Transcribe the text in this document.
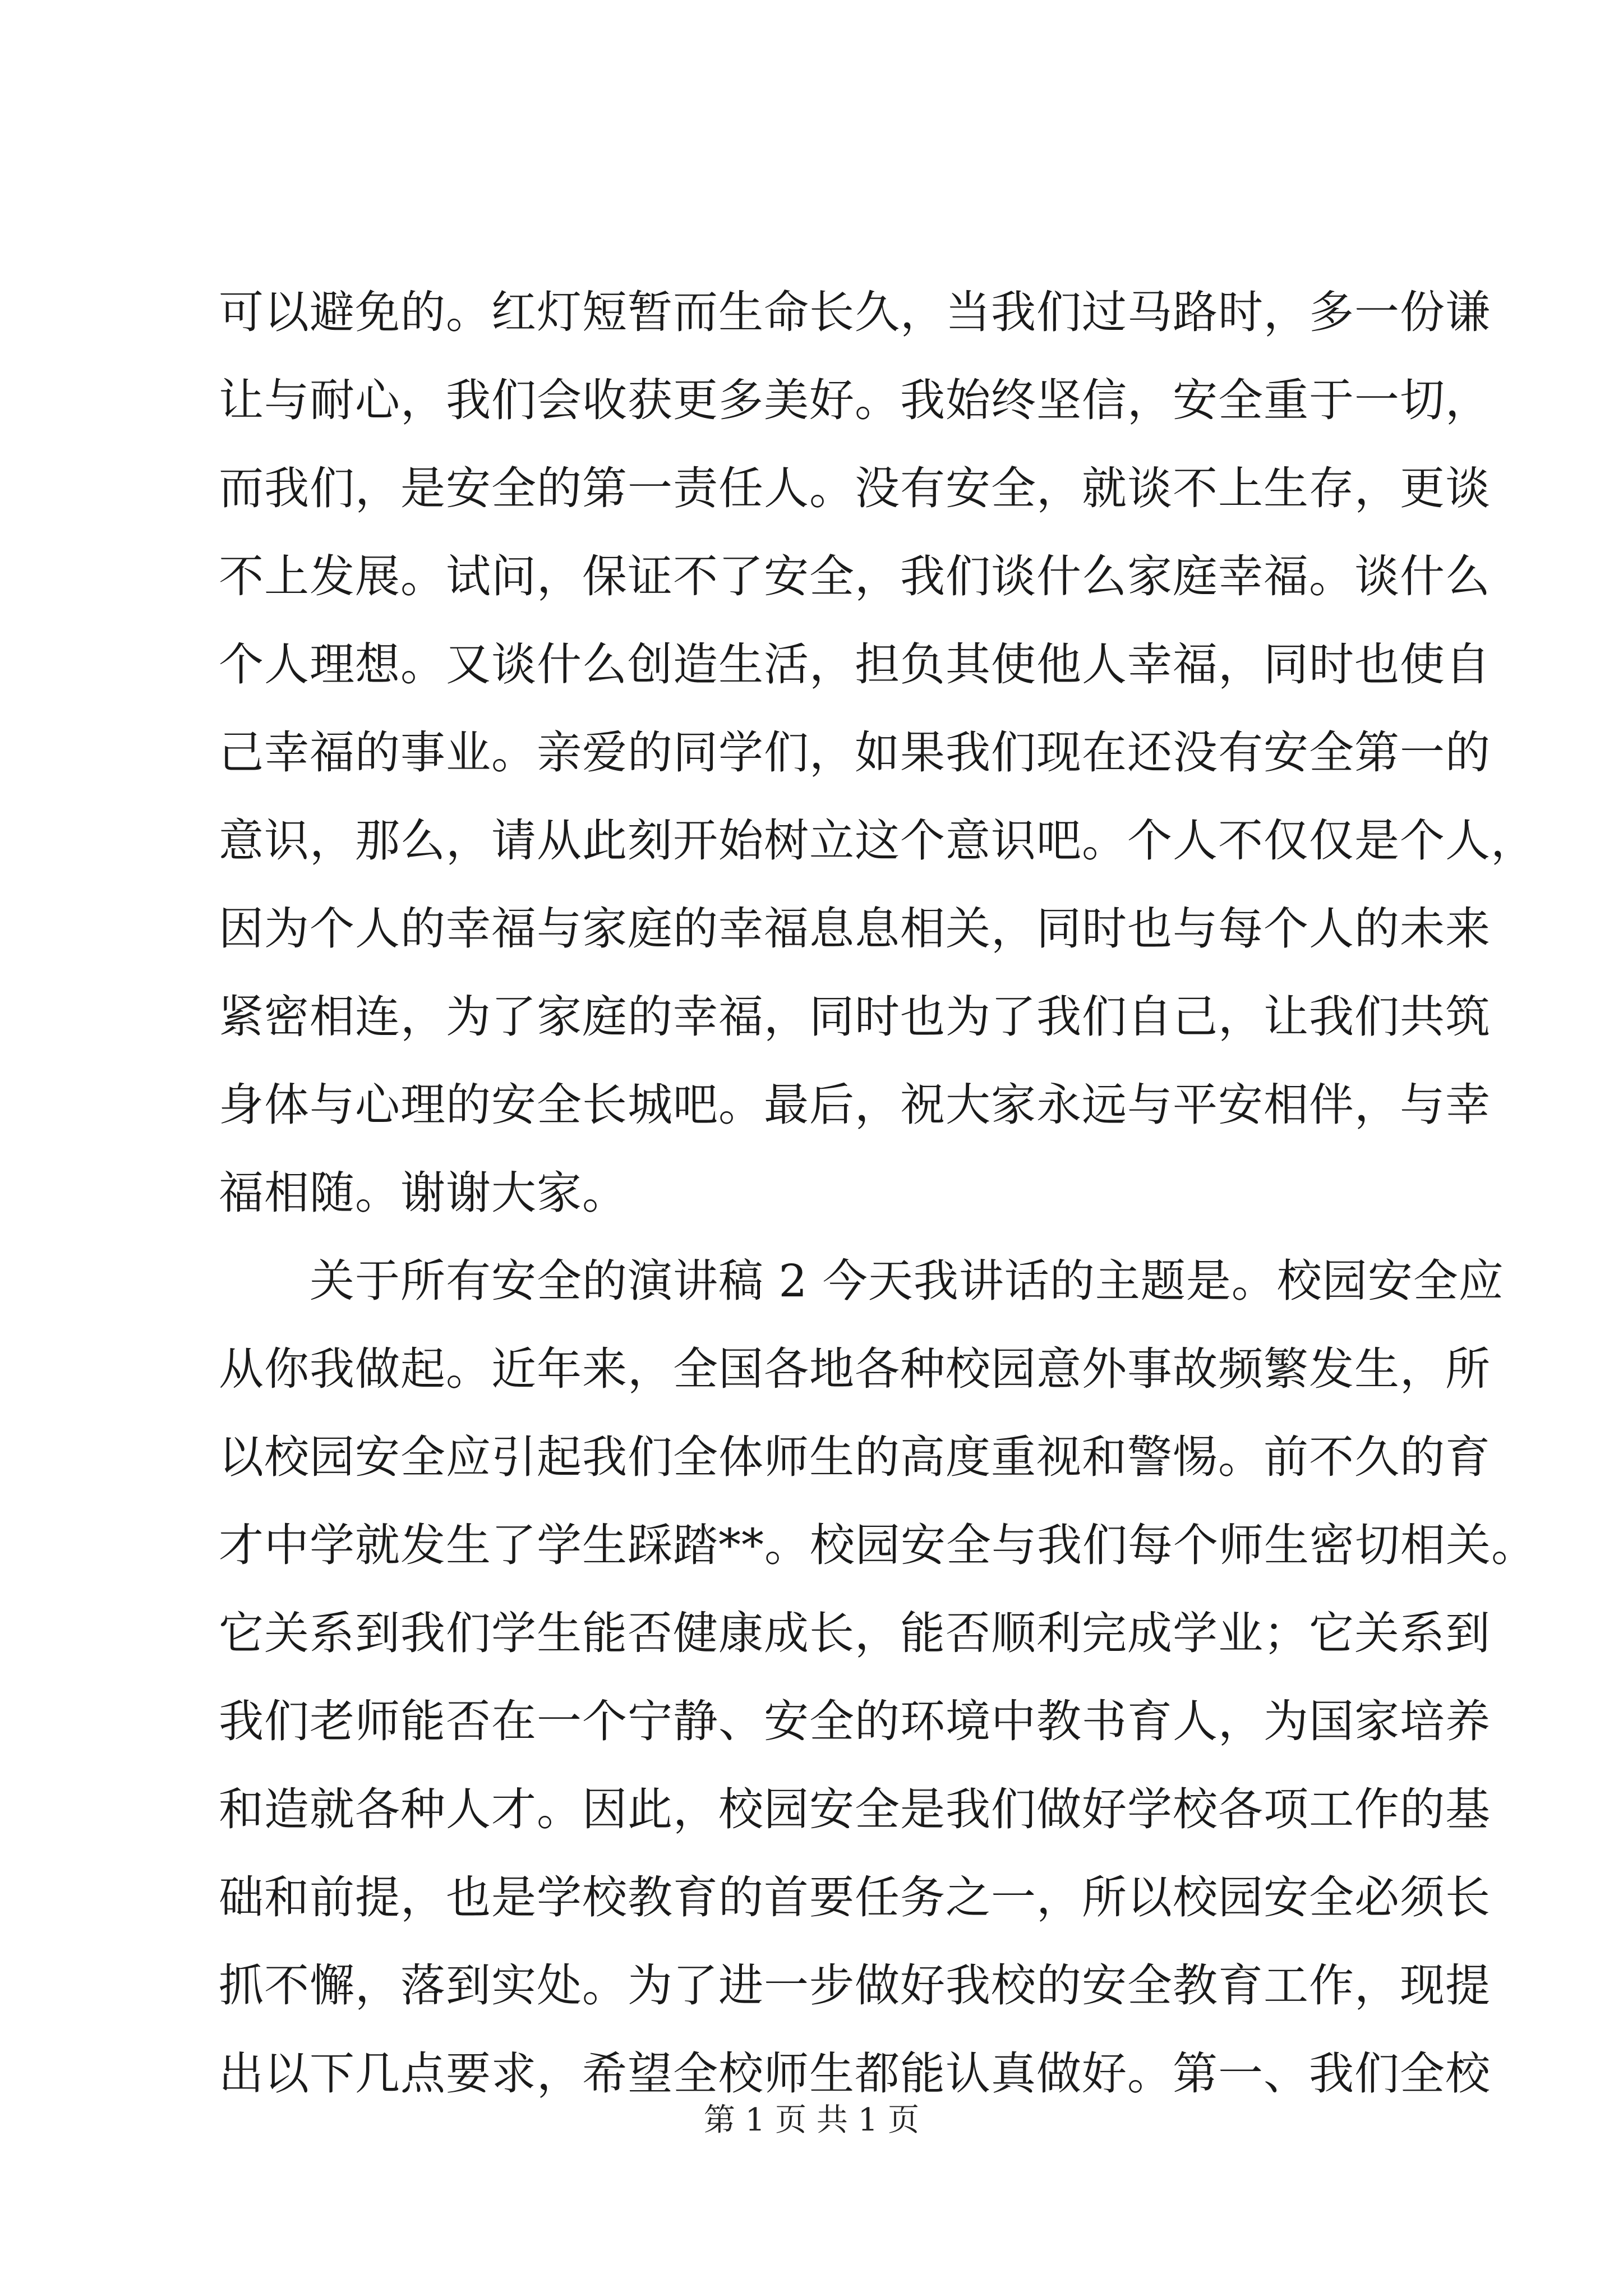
可以避免的。红灯短暂而生命长久，当我们过马路时，多一份谦
让与耐心，我们会收获更多美好。我始终坚信，安全重于一切，
而我们，是安全的第一责任人。没有安全，就谈不上生存，更谈
不上发展。试问，保证不了安全，我们谈什么家庭幸福。谈什么
个人理想。又谈什么创造生活，担负其使他人幸福，同时也使自
己幸福的事业。亲爱的同学们，如果我们现在还没有安全第一的
意识，那么，请从此刻开始树立这个意识吧。个人不仅仅是个人，
因为个人的幸福与家庭的幸福息息相关，同时也与每个人的未来
紧密相连，为了家庭的幸福，同时也为了我们自己，让我们共筑
身体与心理的安全长城吧。最后，祝大家永远与平安相伴，与幸
福相随。谢谢大家。
　　关于所有安全的演讲稿 2 今天我讲话的主题是。校园安全应
从你我做起。近年来，全国各地各种校园意外事故频繁发生，所
以校园安全应引起我们全体师生的高度重视和警惕。前不久的育
才中学就发生了学生踩踏**。校园安全与我们每个师生密切相关。
它关系到我们学生能否健康成长，能否顺利完成学业；它关系到
我们老师能否在一个宁静、安全的环境中教书育人，为国家培养
和造就各种人才。因此，校园安全是我们做好学校各项工作的基
础和前提，也是学校教育的首要任务之一，所以校园安全必须长
抓不懈，落到实处。为了进一步做好我校的安全教育工作，现提
出以下几点要求，希望全校师生都能认真做好。第一、我们全校
第 1 页 共 1 页
